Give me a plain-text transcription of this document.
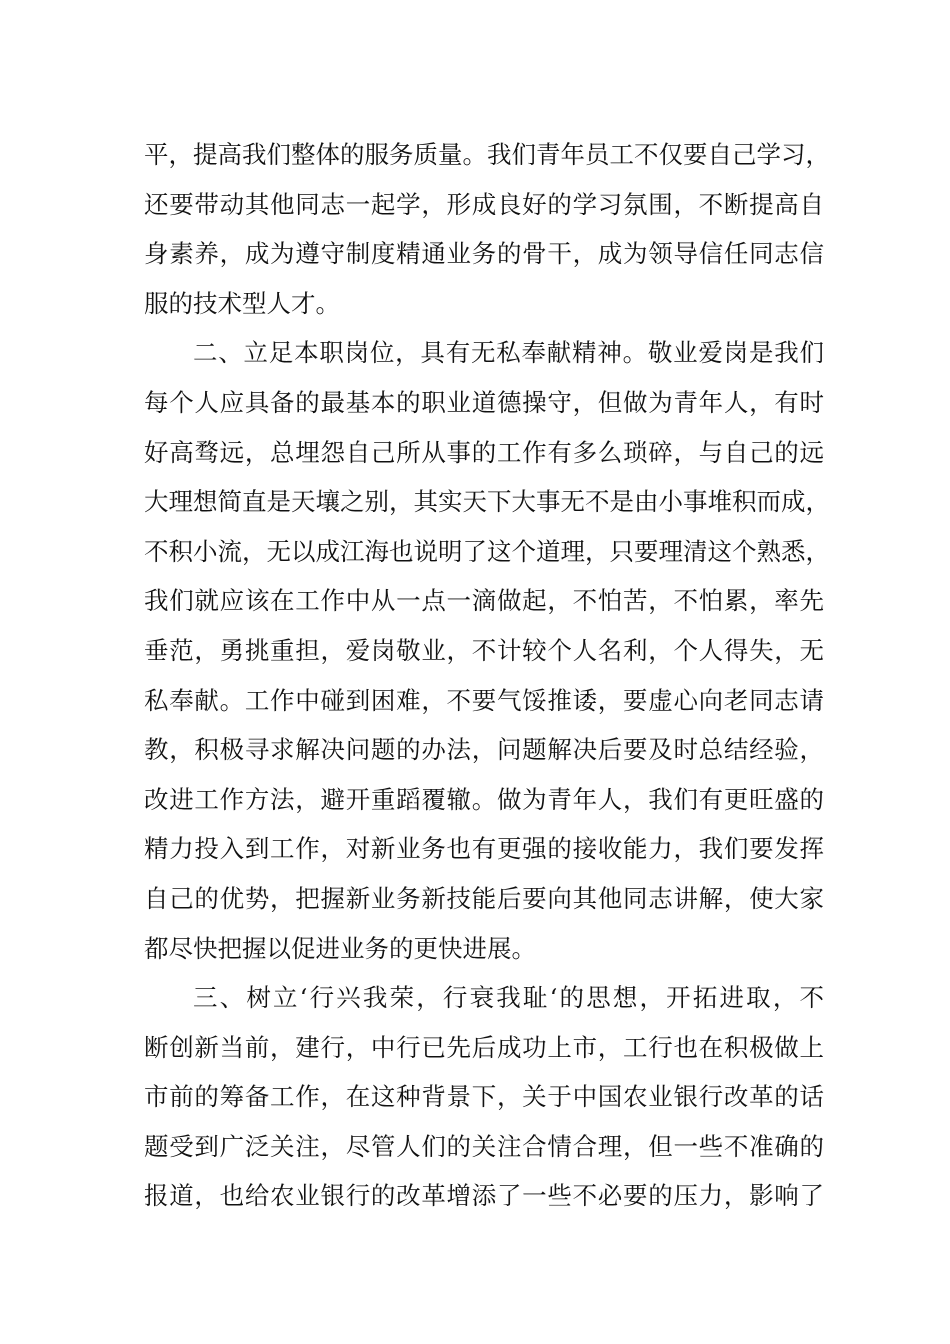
平，提高我们整体的服务质量。我们青年员工不仅要自己学习，
还要带动其他同志一起学，形成良好的学习氛围，不断提高自
身素养，成为遵守制度精通业务的骨干，成为领导信任同志信
服的技术型人才。
二、立足本职岗位，具有无私奉献精神。敬业爱岗是我们
每个人应具备的最基本的职业道德操守，但做为青年人，有时
好高骛远，总埋怨自己所从事的工作有多么琐碎，与自己的远
大理想简直是天壤之别，其实天下大事无不是由小事堆积而成，
不积小流，无以成江海也说明了这个道理，只要理清这个熟悉，
我们就应该在工作中从一点一滴做起，不怕苦，不怕累，率先
垂范，勇挑重担，爱岗敬业，不计较个人名利，个人得失，无
私奉献。工作中碰到困难，不要气馁推诿，要虚心向老同志请
教，积极寻求解决问题的办法，问题解决后要及时总结经验，
改进工作方法，避开重蹈覆辙。做为青年人，我们有更旺盛的
精力投入到工作，对新业务也有更强的接收能力，我们要发挥
自己的优势，把握新业务新技能后要向其他同志讲解，使大家
都尽快把握以促进业务的更快进展。
三、树立‘行兴我荣，行衰我耻‘的思想，开拓进取，不
断创新当前，建行，中行已先后成功上市，工行也在积极做上
市前的筹备工作，在这种背景下，关于中国农业银行改革的话
题受到广泛关注，尽管人们的关注合情合理，但一些不准确的
报道，也给农业银行的改革增添了一些不必要的压力，影响了
